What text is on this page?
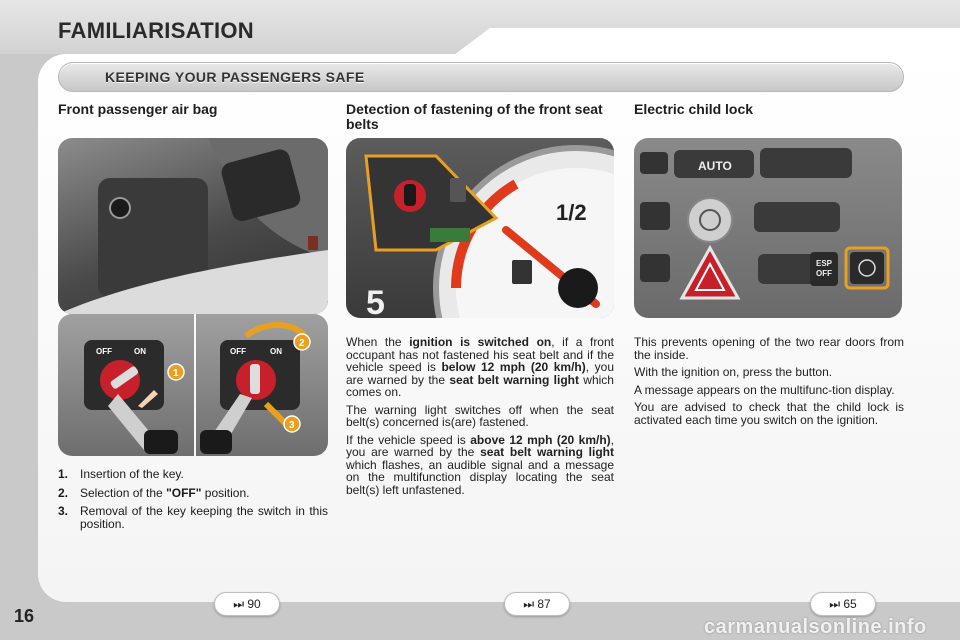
FAMILIARISATION
KEEPING YOUR PASSENGERS SAFE
Front passenger air bag
OFF	ON
1
OFF	ON
2
3
1. Insertion of the key.
2. Selection of the "OFF" position.
3. Removal of the key keeping the switch in this position.
⏭ 90
Detection of fastening of the front seat belts
1/2
5

When the ignition is switched on, if a front occupant has not fastened his seat belt and if the vehicle speed is below 12 mph (20 km/h), you are warned by the seat belt warning light which comes on.

The warning light switches off when the seat belt(s) concerned is(are) fastened.

If the vehicle speed is above 12 mph (20 km/h), you are warned by the seat belt warning light which flashes, an audible signal and a message on the multifunction display locating the seat belt(s) left unfastened.

⏭ 87
Electric child lock
AUTO
ESP
OFF

This prevents opening of the two rear doors from the inside.

With the ignition on, press the button.

A message appears on the multifunc-tion display.

You are advised to check that the child lock is activated each time you switch on the ignition.

⏭ 65
16	carmanualsonline.info
